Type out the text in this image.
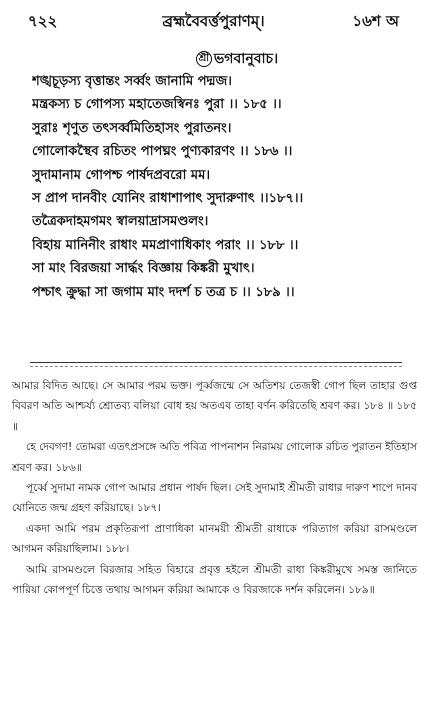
৭২২	ব্রহ্মবৈবর্ত্তপুরাণম্‌।	১৬শ অ
শ্রী ভগবানুবাচ।
শঙ্খচূড়স্য বৃত্তান্তং সর্ব্বং জানামি পদ্মজ।
মন্ত্রকস্য চ গোপস্য মহাতেজস্বিনঃ পুরা ।। ১৮৫ ।।
সুরাঃ শৃণুত তৎসর্ব্বমিতিহাসং পুরাতনং।
গোলোকস্থৈব রচিতং পাপঘ্নং পুণ্যকারণং ।। ১৮৬ ।।
সুদামানাম গোপশ্চ পার্ষদপ্রবরো মম।
স প্রাপ দানবীং যোনিং রাধাশাপাৎ সুদারুণাৎ ।।১৮৭।।
তত্রৈকদাহমগমং স্বালয়াদ্রাসমণ্ডলং।
বিহায় মানিনীং রাধাং মমপ্রাণাধিকাং পরাং ।। ১৮৮ ।।
সা মাং বিরজয়া সার্দ্ধং বিজ্ঞায় কিঙ্করী মুখাৎ।
পশ্চাৎ ক্রুদ্ধা সা জগাম মাং দদর্শ চ তত্র চ ।। ১৮৯ ।।
আমার বিদিত আছে। সে আমার পরম ভক্ত। পূর্ব্বজন্মে সে অতিশয় তেজস্বী গোপ ছিল তাহার গুপ্ত বিবরণ অতি আশ্চর্য্য শ্রোতব্য বলিয়া বোধ হয় অতএব তাহা বর্ণন করিতেছি শ্রবণ কর। ১৮৪ ॥ ১৮৫ ॥
হে দেবগণ! তোমরা এতৎপ্রসঙ্গে অতি পবিত্র পাপনাশন নিরাময় গোলোক রচিত পুরাতন ইতিহাস শ্রবণ কর। ১৮৬॥
পূর্ব্বে সুদামা নামক গোপ আমার প্রধান পার্ষদ ছিল। সেই সুদামাই শ্রীমতী রাধার দারুণ শাপে দানব যোনিতে জন্ম গ্রহণ করিয়াছে। ১৮৭।
একদা আমি পরম প্রকৃতিরূপা প্রাণাধিকা মানময়ী শ্রীমতী রাধাকে পরিত্যাগ করিয়া রাসমণ্ডলে আগমন করিয়াছিলাম। ১৮৮।
আমি রাসমণ্ডলে বিরজার সহিত বিহারে প্রবৃত্ত হইলে শ্রীমতী রাধা কিঙ্করীমুখে সমস্ত জানিতে পারিয়া কোপপূর্ণ চিত্তে তথায় আগমন করিয়া আমাকে ও বিরজাকে দর্শন করিলেন। ১৮৯॥
